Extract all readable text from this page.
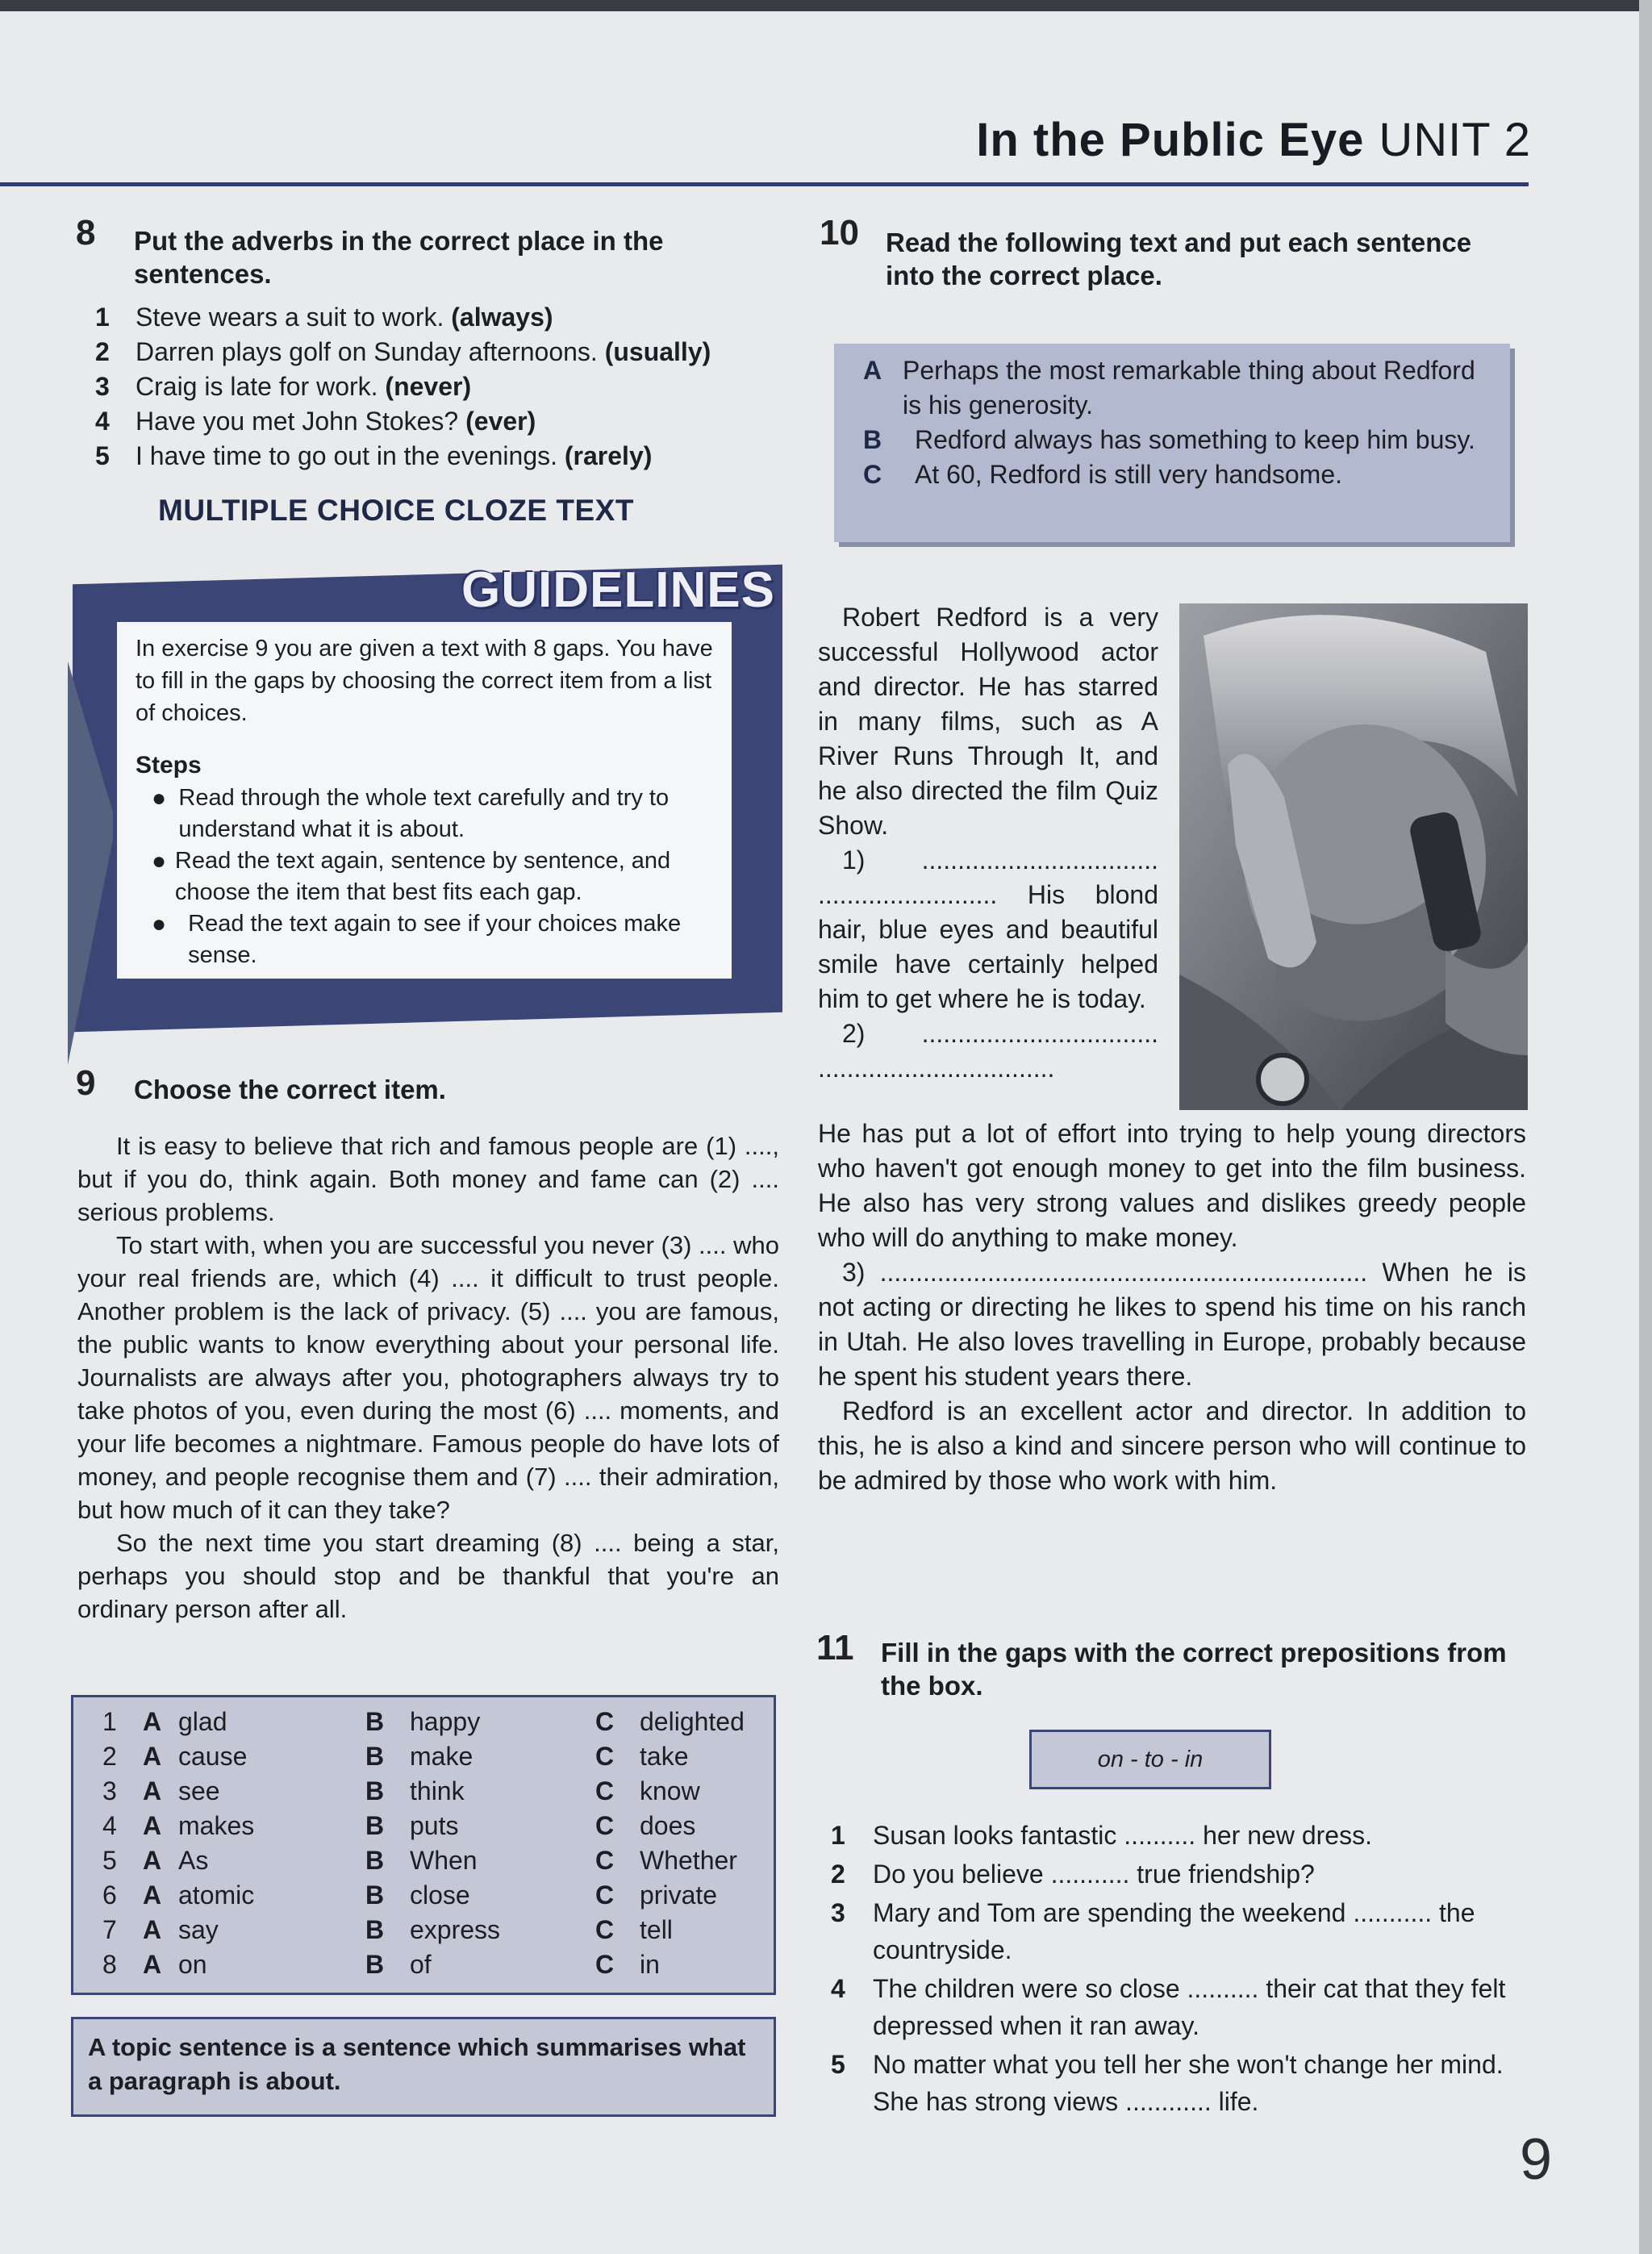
In the Public Eye UNIT 2
8 Put the adverbs in the correct place in the sentences.
1	Steve wears a suit to work. (always)
2	Darren plays golf on Sunday afternoons. (usually)
3	Craig is late for work. (never)
4	Have you met John Stokes? (ever)
5	I have time to go out in the evenings. (rarely)
MULTIPLE CHOICE CLOZE TEXT
GUIDELINES
In exercise 9 you are given a text with 8 gaps. You have to fill in the gaps by choosing the correct item from a list of choices.
Steps
● Read through the whole text carefully and try to understand what it is about.
● Read the text again, sentence by sentence, and choose the item that best fits each gap.
● Read the text again to see if your choices make sense.
9 Choose the correct item.

It is easy to believe that rich and famous people are (1) ...., but if you do, think again. Both money and fame can (2) .... serious problems.

To start with, when you are successful you never (3) .... who your real friends are, which (4) .... it difficult to trust people. Another problem is the lack of privacy. (5) .... you are famous, the public wants to know everything about your personal life. Journalists are always after you, photographers always try to take photos of you, even during the most (6) .... moments, and your life becomes a nightmare. Famous people do have lots of money, and people recognise them and (7) .... their admiration, but how much of it can they take?

So the next time you start dreaming (8) .... being a star, perhaps you should stop and be thankful that you're an ordinary person after all.

1	A glad	B happy	C delighted
2	A cause	B make	C take
3	A see	B think	C know
4	A makes	B puts	C does
5	A As	B When	C Whether
6	A atomic	B close	C private
7	A say	B express	C tell
8	A on	B of	C in
A topic sentence is a sentence which summarises what a paragraph is about.
10 Read the following text and put each sentence into the correct place.
A Perhaps the most remarkable thing about Redford is his generosity.
B	Redford always has something to keep him busy.
C	At 60, Redford is still very handsome.

Robert Redford is a very successful Hollywood actor and director. He has starred in many films, such as A River Runs Through It, and he also directed the film Quiz Show.

1) ................................. ......................... His blond hair, blue eyes and beautiful smile have certainly helped him to get where he is today.

2) ................................. .................................

He has put a lot of effort into trying to help young directors who haven't got enough money to get into the film business. He also has very strong values and dislikes greedy people who will do anything to make money.

3) .................................................................... When he is not acting or directing he likes to spend his time on his ranch in Utah. He also loves travelling in Europe, probably because he spent his student years there.

Redford is an excellent actor and director. In addition to this, he is also a kind and sincere person who will continue to be admired by those who work with him.

11 Fill in the gaps with the correct prepositions from the box.
on - to - in
1	Susan looks fantastic .......... her new dress.
2	Do you believe ........... true friendship?
3	Mary and Tom are spending the weekend ........... the countryside.
4	The children were so close .......... their cat that they felt depressed when it ran away.
5	No matter what you tell her she won't change her mind. She has strong views ............ life.
9
